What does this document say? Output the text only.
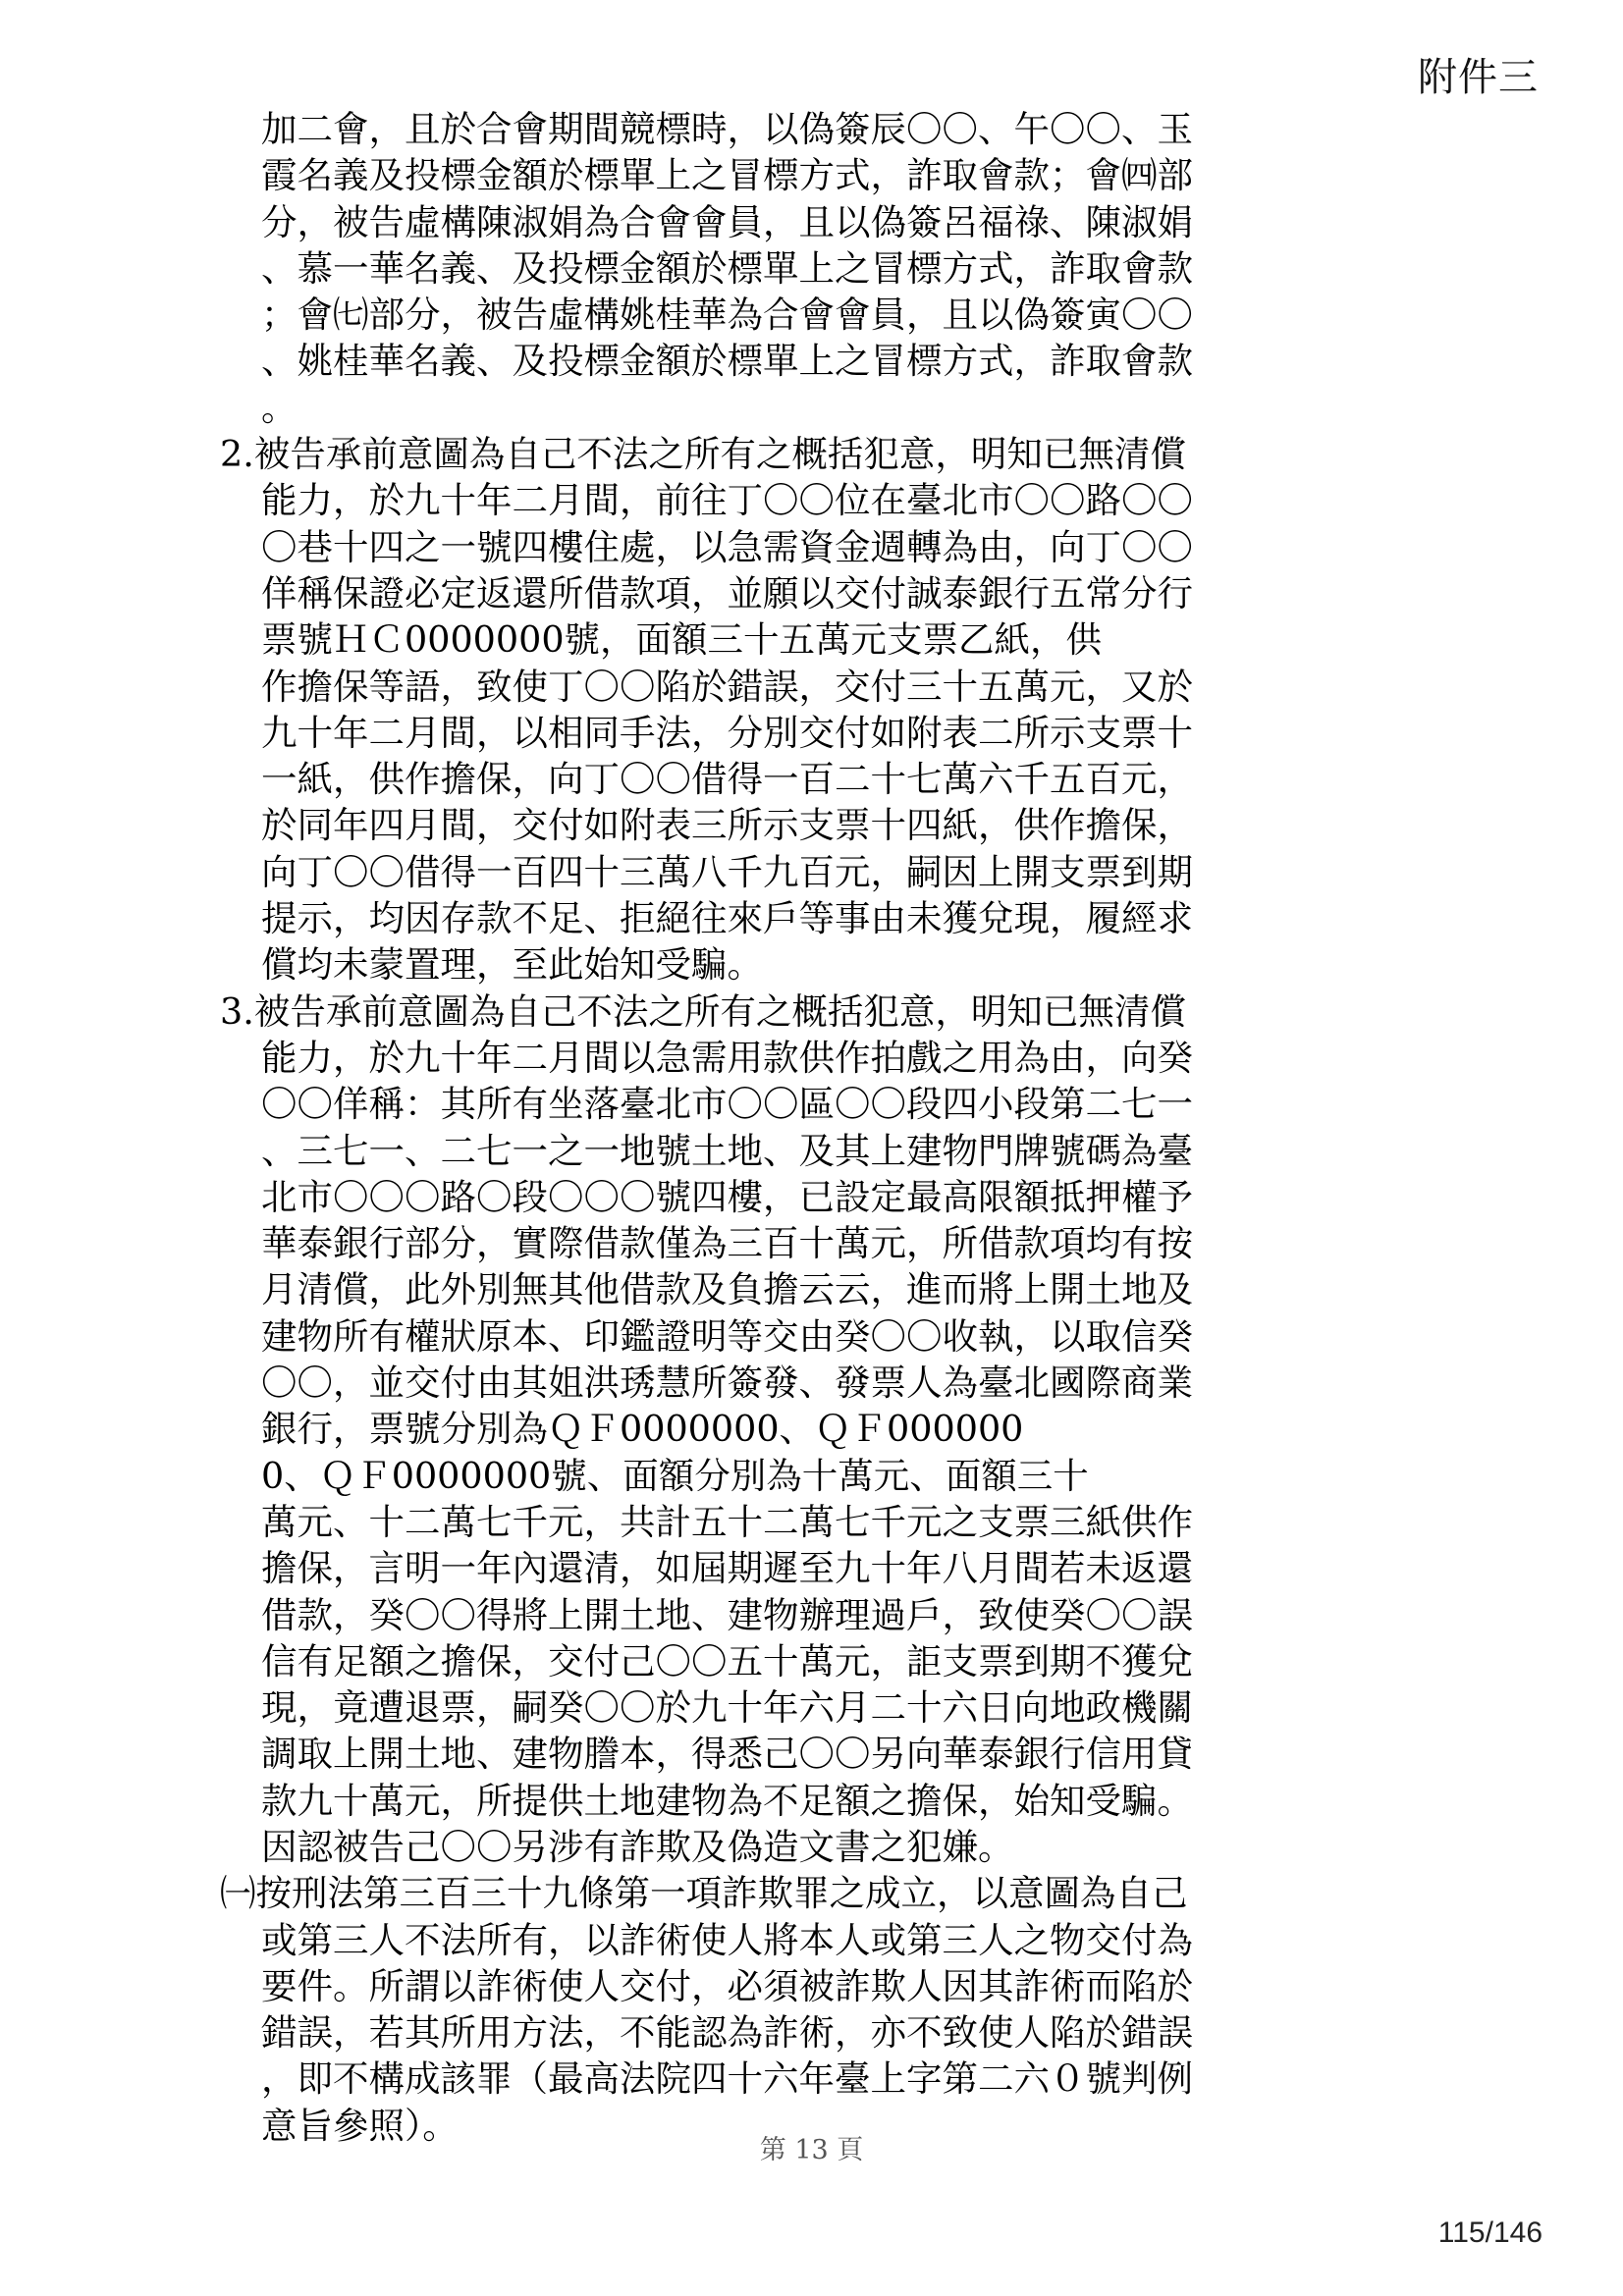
附件三
加二會，且於合會期間競標時，以偽簽辰〇〇、午〇〇、玉
霞名義及投標金額於標單上之冒標方式，詐取會款；會㈣部
分，被告虛構陳淑娟為合會會員，且以偽簽呂福祿、陳淑娟
、慕一華名義、及投標金額於標單上之冒標方式，詐取會款
；會㈦部分，被告虛構姚桂華為合會會員，且以偽簽寅〇〇
、姚桂華名義、及投標金額於標單上之冒標方式，詐取會款
。
2.被告承前意圖為自己不法之所有之概括犯意，明知已無清償
能力，於九十年二月間，前往丁〇〇位在臺北市〇〇路〇〇
〇巷十四之一號四樓住處，以急需資金週轉為由，向丁〇〇
佯稱保證必定返還所借款項，並願以交付誠泰銀行五常分行
票號ＨＣ0000000號，面額三十五萬元支票乙紙，供
作擔保等語，致使丁〇〇陷於錯誤，交付三十五萬元，又於
九十年二月間，以相同手法，分別交付如附表二所示支票十
一紙，供作擔保，向丁〇〇借得一百二十七萬六千五百元，
於同年四月間，交付如附表三所示支票十四紙，供作擔保，
向丁〇〇借得一百四十三萬八千九百元，嗣因上開支票到期
提示，均因存款不足、拒絕往來戶等事由未獲兌現，履經求
償均未蒙置理，至此始知受騙。
3.被告承前意圖為自己不法之所有之概括犯意，明知已無清償
能力，於九十年二月間以急需用款供作拍戲之用為由，向癸
〇〇佯稱：其所有坐落臺北市〇〇區〇〇段四小段第二七一
、三七一、二七一之一地號土地、及其上建物門牌號碼為臺
北市〇〇〇路〇段〇〇〇號四樓，已設定最高限額抵押權予
華泰銀行部分，實際借款僅為三百十萬元，所借款項均有按
月清償，此外別無其他借款及負擔云云，進而將上開土地及
建物所有權狀原本、印鑑證明等交由癸〇〇收執，以取信癸
〇〇，並交付由其姐洪琇慧所簽發、發票人為臺北國際商業
銀行，票號分別為ＱＦ0000000、ＱＦ000000
0、ＱＦ0000000號、面額分別為十萬元、面額三十
萬元、十二萬七千元，共計五十二萬七千元之支票三紙供作
擔保，言明一年內還清，如屆期遲至九十年八月間若未返還
借款，癸〇〇得將上開土地、建物辦理過戶，致使癸〇〇誤
信有足額之擔保，交付己〇〇五十萬元，詎支票到期不獲兌
現，竟遭退票，嗣癸〇〇於九十年六月二十六日向地政機關
調取上開土地、建物謄本，得悉己〇〇另向華泰銀行信用貸
款九十萬元，所提供土地建物為不足額之擔保，始知受騙。
因認被告己〇〇另涉有詐欺及偽造文書之犯嫌。
㈠按刑法第三百三十九條第一項詐欺罪之成立，以意圖為自己
或第三人不法所有，以詐術使人將本人或第三人之物交付為
要件。所謂以詐術使人交付，必須被詐欺人因其詐術而陷於
錯誤，若其所用方法，不能認為詐術，亦不致使人陷於錯誤
，即不構成該罪（最高法院四十六年臺上字第二六０號判例
意旨參照）。
第 13 頁
115/146
